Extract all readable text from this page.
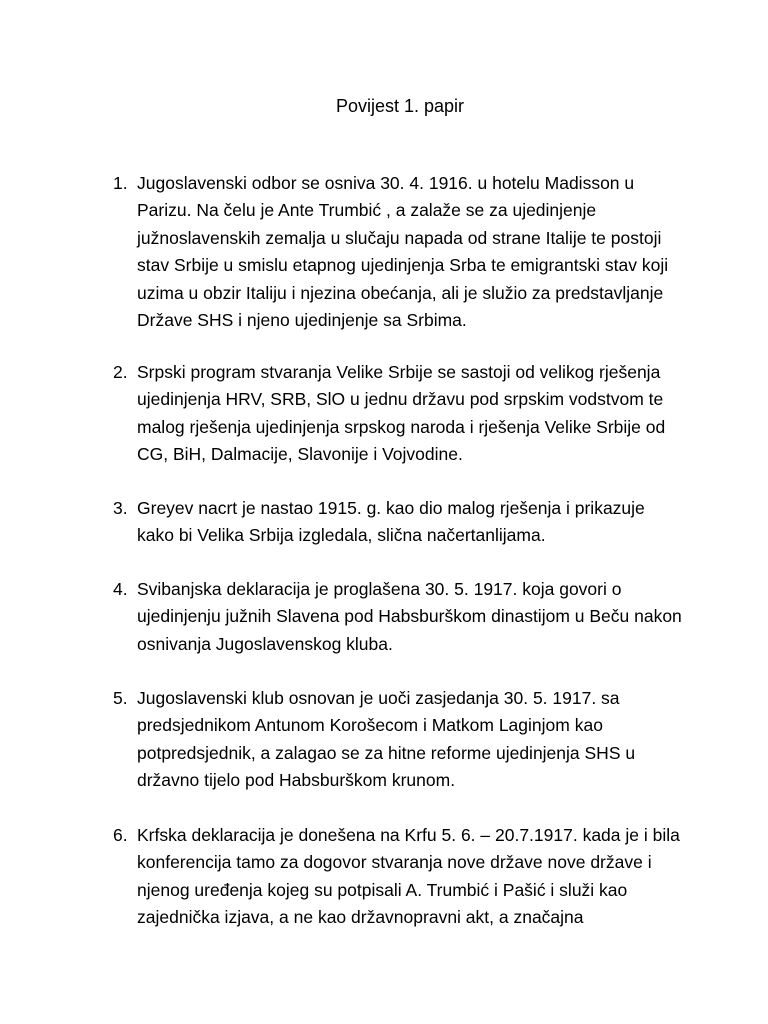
Povijest 1. papir
1. Jugoslavenski odbor se osniva 30. 4. 1916. u hotelu Madisson u Parizu. Na čelu je Ante Trumbić , a zalaže se za ujedinjenje južnoslavenskih zemalja u slučaju napada od strane Italije te postoji stav Srbije u smislu etapnog ujedinjenja Srba te emigrantski stav koji uzima u obzir Italiju i njezina obećanja, ali je služio za predstavljanje Države SHS i njeno ujedinjenje sa Srbima.
2. Srpski program stvaranja Velike Srbije se sastoji od velikog rješenja ujedinjenja HRV, SRB, SlO u jednu državu pod srpskim vodstvom te malog rješenja ujedinjenja srpskog naroda i rješenja Velike Srbije od CG, BiH, Dalmacije, Slavonije i Vojvodine.
3. Greyev nacrt je nastao 1915. g. kao dio malog rješenja i prikazuje kako bi Velika Srbija izgledala, slična načertanlijama.
4. Svibanjska deklaracija je proglašena 30. 5. 1917. koja govori o ujedinjenju južnih Slavena pod Habsburškom dinastijom u Beču nakon osnivanja Jugoslavenskog kluba.
5. Jugoslavenski klub osnovan je uoči zasjedanja 30. 5. 1917. sa predsjednikom Antunom Korošecom i Matkom Laginjom kao potpredsjednik, a zalagao se za hitne reforme ujedinjenja SHS u državno tijelo pod Habsburškom krunom.
6. Krfska deklaracija je donešena na Krfu 5. 6. – 20.7.1917. kada je i bila konferencija tamo za dogovor stvaranja nove države nove države i njenog uređenja kojeg su potpisali A. Trumbić i Pašić i služi kao zajednička izjava, a ne kao državnopravni akt, a značajna
